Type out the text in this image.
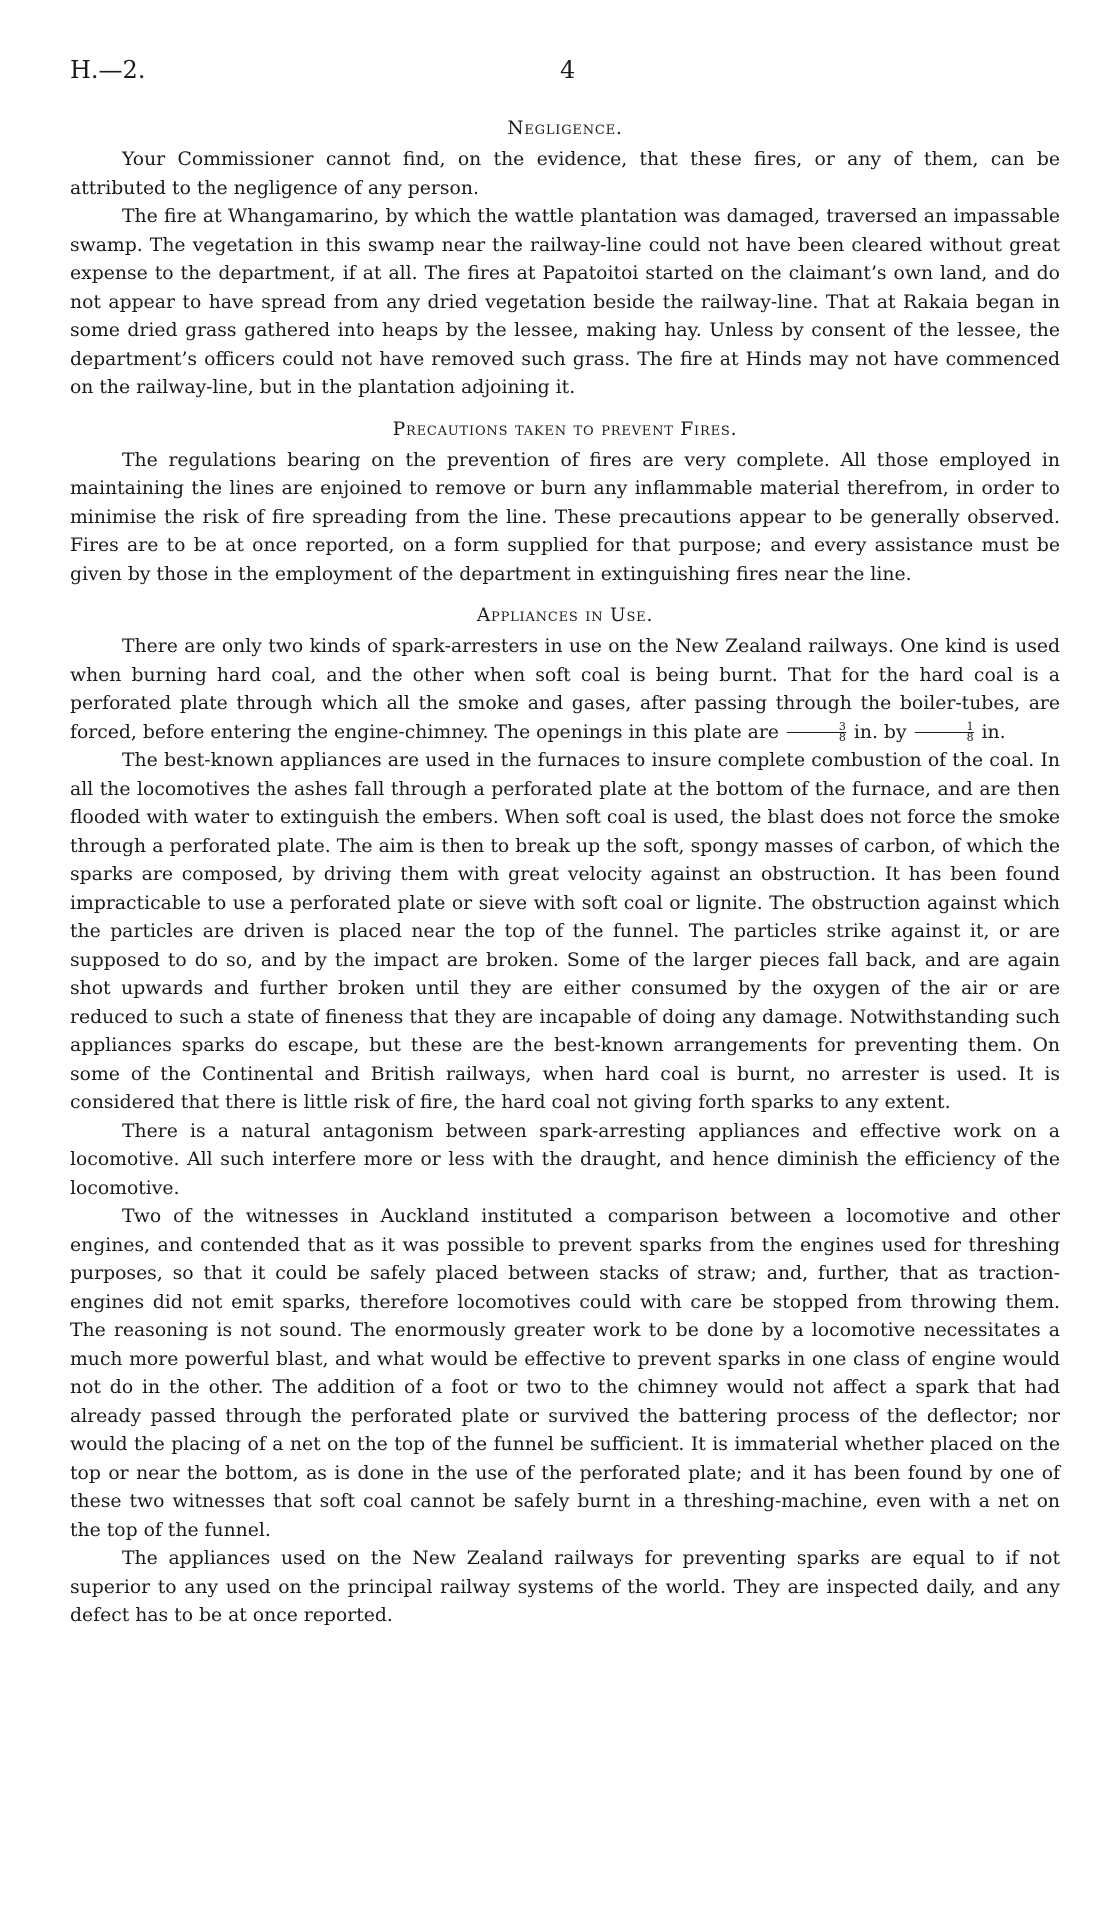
H.—2.	4
Negligence.

Your Commissioner cannot find, on the evidence, that these fires, or any of them, can be attributed to the negligence of any person.

The fire at Whangamarino, by which the wattle plantation was damaged, traversed an impassable swamp. The vegetation in this swamp near the railway-line could not have been cleared without great expense to the department, if at all. The fires at Papatoitoi started on the claimant’s own land, and do not appear to have spread from any dried vegetation beside the railway-line. That at Rakaia began in some dried grass gathered into heaps by the lessee, making hay. Unless by consent of the lessee, the department’s officers could not have removed such grass. The fire at Hinds may not have commenced on the railway-line, but in the plantation adjoining it.

Precautions taken to prevent Fires.

The regulations bearing on the prevention of fires are very complete. All those employed in maintaining the lines are enjoined to remove or burn any inflammable material therefrom, in order to minimise the risk of fire spreading from the line. These precautions appear to be generally observed. Fires are to be at once reported, on a form supplied for that purpose; and every assistance must be given by those in the employment of the department in extinguishing fires near the line.

Appliances in Use.

There are only two kinds of spark-arresters in use on the New Zealand railways. One kind is used when burning hard coal, and the other when soft coal is being burnt. That for the hard coal is a perforated plate through which all the smoke and gases, after passing through the boiler-tubes, are forced, before entering the engine-chimney. The openings in this plate are $\frac{3}{8}$ in. by $\frac{1}{8}$ in.

The best-known appliances are used in the furnaces to insure complete combustion of the coal. In all the locomotives the ashes fall through a perforated plate at the bottom of the furnace, and are then flooded with water to extinguish the embers. When soft coal is used, the blast does not force the smoke through a perforated plate. The aim is then to break up the soft, spongy masses of carbon, of which the sparks are composed, by driving them with great velocity against an obstruction. It has been found impracticable to use a perforated plate or sieve with soft coal or lignite. The obstruction against which the particles are driven is placed near the top of the funnel. The particles strike against it, or are supposed to do so, and by the impact are broken. Some of the larger pieces fall back, and are again shot upwards and further broken until they are either consumed by the oxygen of the air or are reduced to such a state of fineness that they are incapable of doing any damage. Notwithstanding such appliances sparks do escape, but these are the best-known arrangements for preventing them. On some of the Continental and British railways, when hard coal is burnt, no arrester is used. It is considered that there is little risk of fire, the hard coal not giving forth sparks to any extent.

There is a natural antagonism between spark-arresting appliances and effective work on a locomotive. All such interfere more or less with the draught, and hence diminish the efficiency of the locomotive.

Two of the witnesses in Auckland instituted a comparison between a locomotive and other engines, and contended that as it was possible to prevent sparks from the engines used for threshing purposes, so that it could be safely placed between stacks of straw; and, further, that as traction-engines did not emit sparks, therefore locomotives could with care be stopped from throwing them. The reasoning is not sound. The enormously greater work to be done by a locomotive necessitates a much more powerful blast, and what would be effective to prevent sparks in one class of engine would not do in the other. The addition of a foot or two to the chimney would not affect a spark that had already passed through the perforated plate or survived the battering process of the deflector; nor would the placing of a net on the top of the funnel be sufficient. It is immaterial whether placed on the top or near the bottom, as is done in the use of the perforated plate; and it has been found by one of these two witnesses that soft coal cannot be safely burnt in a threshing-machine, even with a net on the top of the funnel.

The appliances used on the New Zealand railways for preventing sparks are equal to if not superior to any used on the principal railway systems of the world. They are inspected daily, and any defect has to be at once reported.
